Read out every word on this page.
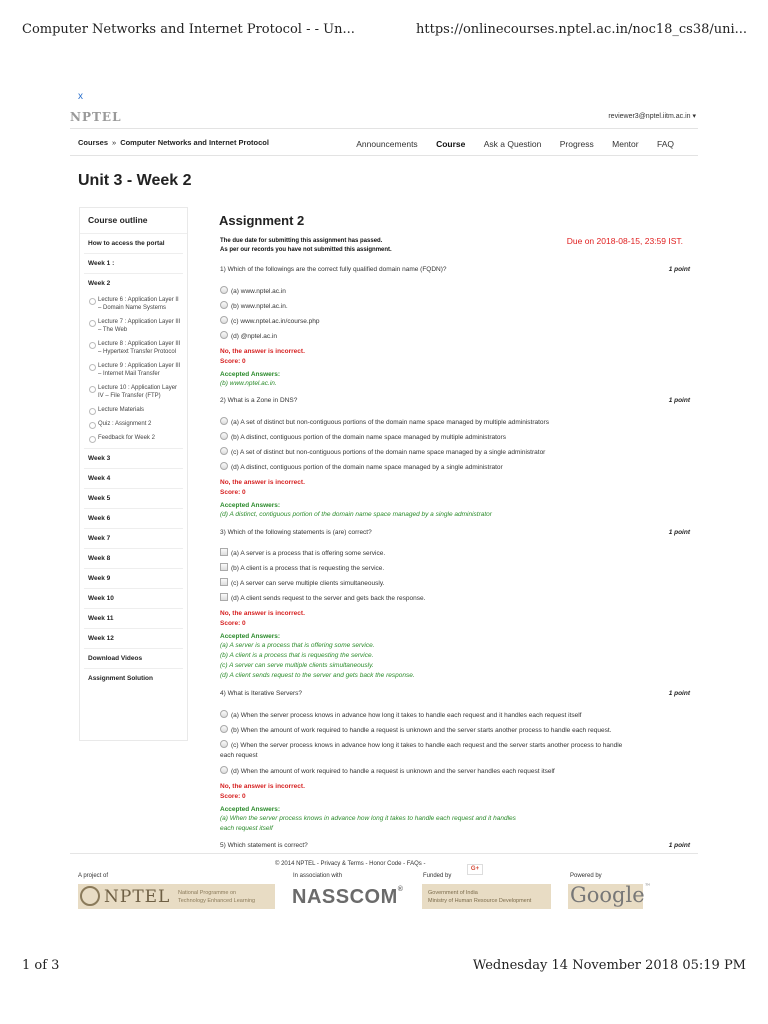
Computer Networks and Internet Protocol - - Un...	https://onlinecourses.nptel.ac.in/noc18_cs38/uni...
x
NPTEL	reviewer3@nptel.iitm.ac.in ▾
Courses » Computer Networks and Internet Protocol	Announcements Course Ask a Question Progress Mentor FAQ
Unit 3 - Week 2
Course outline
How to access the portal
Week 1 :
Week 2
Lecture 6 : Application Layer II – Domain Name Systems
Lecture 7 : Application Layer III – The Web
Lecture 8 : Application Layer III – Hypertext Transfer Protocol
Lecture 9 : Application Layer III – Internet Mail Transfer
Lecture 10 : Application Layer IV – File Transfer (FTP)
Lecture Materials
Quiz : Assignment 2
Feedback for Week 2
Week 3
Week 4
Week 5
Week 6
Week 7
Week 8
Week 9
Week 10
Week 11
Week 12
Download Videos
Assignment Solution
Assignment 2
The due date for submitting this assignment has passed.
As per our records you have not submitted this assignment.
Due on 2018-08-15, 23:59 IST.
1) Which of the followings are the correct fully qualified domain name (FQDN)?	1 point
(a) www.nptel.ac.in
(b) www.nptel.ac.in.
(c) www.nptel.ac.in/course.php
(d) @nptel.ac.in
No, the answer is incorrect.
Score: 0
Accepted Answers:
(b) www.nptel.ac.in.
2) What is a Zone in DNS?	1 point
(a) A set of distinct but non-contiguous portions of the domain name space managed by multiple administrators
(b) A distinct, contiguous portion of the domain name space managed by multiple administrators
(c) A set of distinct but non-contiguous portions of the domain name space managed by a single administrator
(d) A distinct, contiguous portion of the domain name space managed by a single administrator
No, the answer is incorrect.
Score: 0
Accepted Answers:
(d) A distinct, contiguous portion of the domain name space managed by a single administrator
3) Which of the following statements is (are) correct?	1 point
(a) A server is a process that is offering some service.
(b) A client is a process that is requesting the service.
(c) A server can serve multiple clients simultaneously.
(d) A client sends request to the server and gets back the response.
No, the answer is incorrect.
Score: 0
Accepted Answers:
(a) A server is a process that is offering some service.
(b) A client is a process that is requesting the service.
(c) A server can serve multiple clients simultaneously.
(d) A client sends request to the server and gets back the response.
4) What is Iterative Servers?	1 point
(a) When the server process knows in advance how long it takes to handle each request and it handles each request itself
(b) When the amount of work required to handle a request is unknown and the server starts another process to handle each request.
(c) When the server process knows in advance how long it takes to handle each request and the server starts another process to handle
each request
(d) When the amount of work required to handle a request is unknown and the server handles each request itself
No, the answer is incorrect.
Score: 0
Accepted Answers:
(a) When the server process knows in advance how long it takes to handle each request and it handles
each request itself
5) Which statement is correct?	1 point
© 2014 NPTEL - Privacy & Terms - Honor Code - FAQs -
G+
A project of	In association with	Funded by	Powered by
NPTEL National Programme on
Technology Enhanced Learning NASSCOM®	Government of India
Ministry of Human Resource Development Google™
1 of 3	Wednesday 14 November 2018 05:19 PM
